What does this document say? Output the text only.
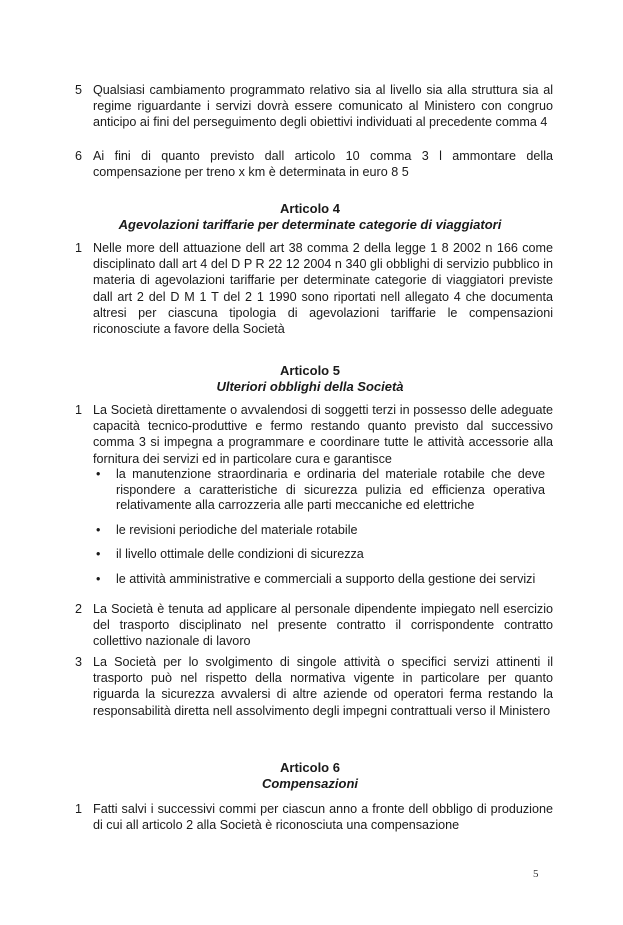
5 Qualsiasi cambiamento programmato relativo sia al livello sia alla struttura sia al regime riguardante i servizi dovrà essere comunicato al Ministero con congruo anticipo ai fini del perseguimento degli obiettivi individuati al precedente comma 4
6 Ai fini di quanto previsto dall articolo 10 comma 3 l ammontare della compensazione per treno x km è determinata in euro 8 5
Articolo 4
Agevolazioni tariffarie per determinate categorie di viaggiatori
1 Nelle more dell attuazione dell art 38 comma 2 della legge 1 8 2002 n 166 come disciplinato dall art 4 del D P R 22 12 2004 n 340 gli obblighi di servizio pubblico in materia di agevolazioni tariffarie per determinate categorie di viaggiatori previste dall art 2 del D M 1 T del 2 1 1990 sono riportati nell allegato 4 che documenta altresi per ciascuna tipologia di agevolazioni tariffarie le compensazioni riconosciute a favore della Società
Articolo 5
Ulteriori obblighi della Società
1 La Società direttamente o avvalendosi di soggetti terzi in possesso delle adeguate capacità tecnico-produttive e fermo restando quanto previsto dal successivo comma 3 si impegna a programmare e coordinare tutte le attività accessorie alla fornitura dei servizi ed in particolare cura e garantisce
• la manutenzione straordinaria e ordinaria del materiale rotabile che deve rispondere a caratteristiche di sicurezza pulizia ed efficienza operativa relativamente alla carrozzeria alle parti meccaniche ed elettriche
• le revisioni periodiche del materiale rotabile
• il livello ottimale delle condizioni di sicurezza
• le attività amministrative e commerciali a supporto della gestione dei servizi
2 La Società è tenuta ad applicare al personale dipendente impiegato nell esercizio del trasporto disciplinato nel presente contratto il corrispondente contratto collettivo nazionale di lavoro
3 La Società per lo svolgimento di singole attività o specifici servizi attinenti il trasporto può nel rispetto della normativa vigente in particolare per quanto riguarda la sicurezza avvalersi di altre aziende od operatori ferma restando la responsabilità diretta nell assolvimento degli impegni contrattuali verso il Ministero
Articolo 6
Compensazioni
1 Fatti salvi i successivi commi per ciascun anno a fronte dell obbligo di produzione di cui all articolo 2 alla Società è riconosciuta una compensazione
5
